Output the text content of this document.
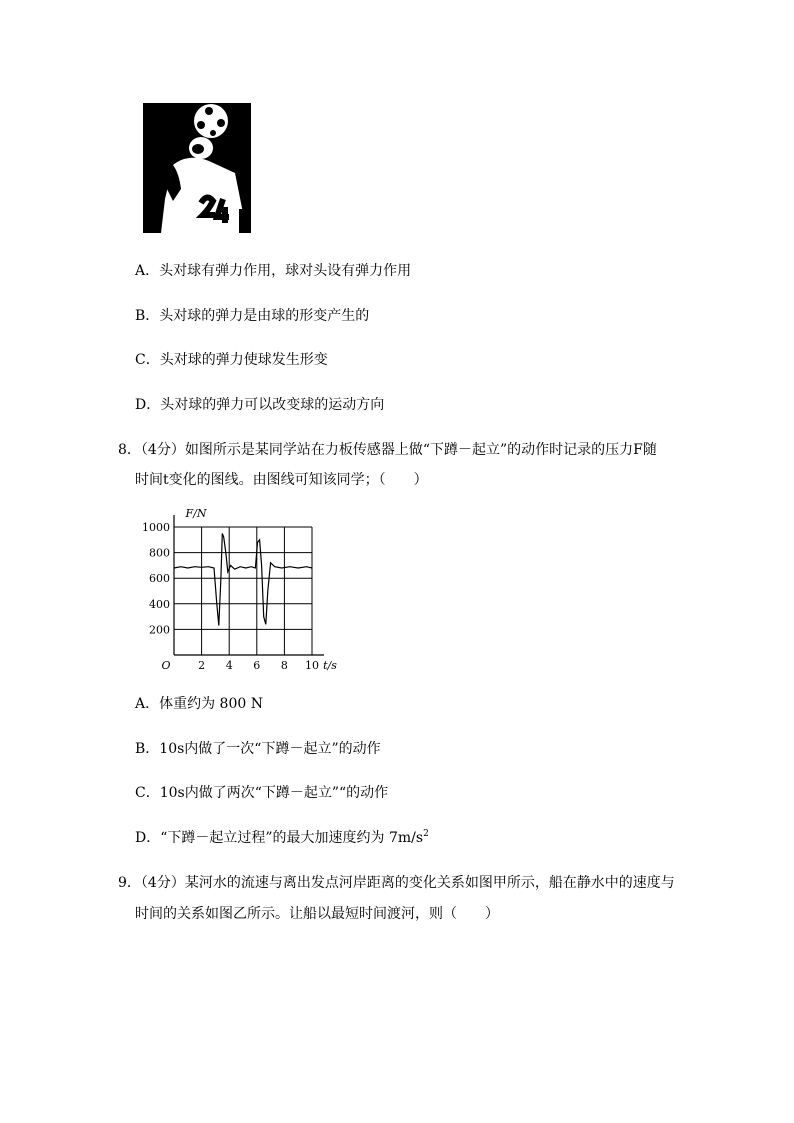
A．头对球有弹力作用，球对头设有弹力作用
B．头对球的弹力是由球的形变产生的
C．头对球的弹力使球发生形变
D．头对球的弹力可以改变球的运动方向
8．（4分）如图所示是某同学站在力板传感器上做“下蹲－起立”的动作时记录的压力F随
时间t变化的图线。由图线可知该同学；（　　）
2 4 6 8 10
200
400
600
800
1000
O
F/N
t/s
A．体重约为 800 N
B．10s内做了一次“下蹲－起立”的动作
C．10s内做了两次“下蹲－起立”“的动作
D．“下蹲－起立过程”的最大加速度约为 $7m/s^2$
9．（4分）某河水的流速与离出发点河岸距离的变化关系如图甲所示，船在静水中的速度与
时间的关系如图乙所示。让船以最短时间渡河，则（　　）
